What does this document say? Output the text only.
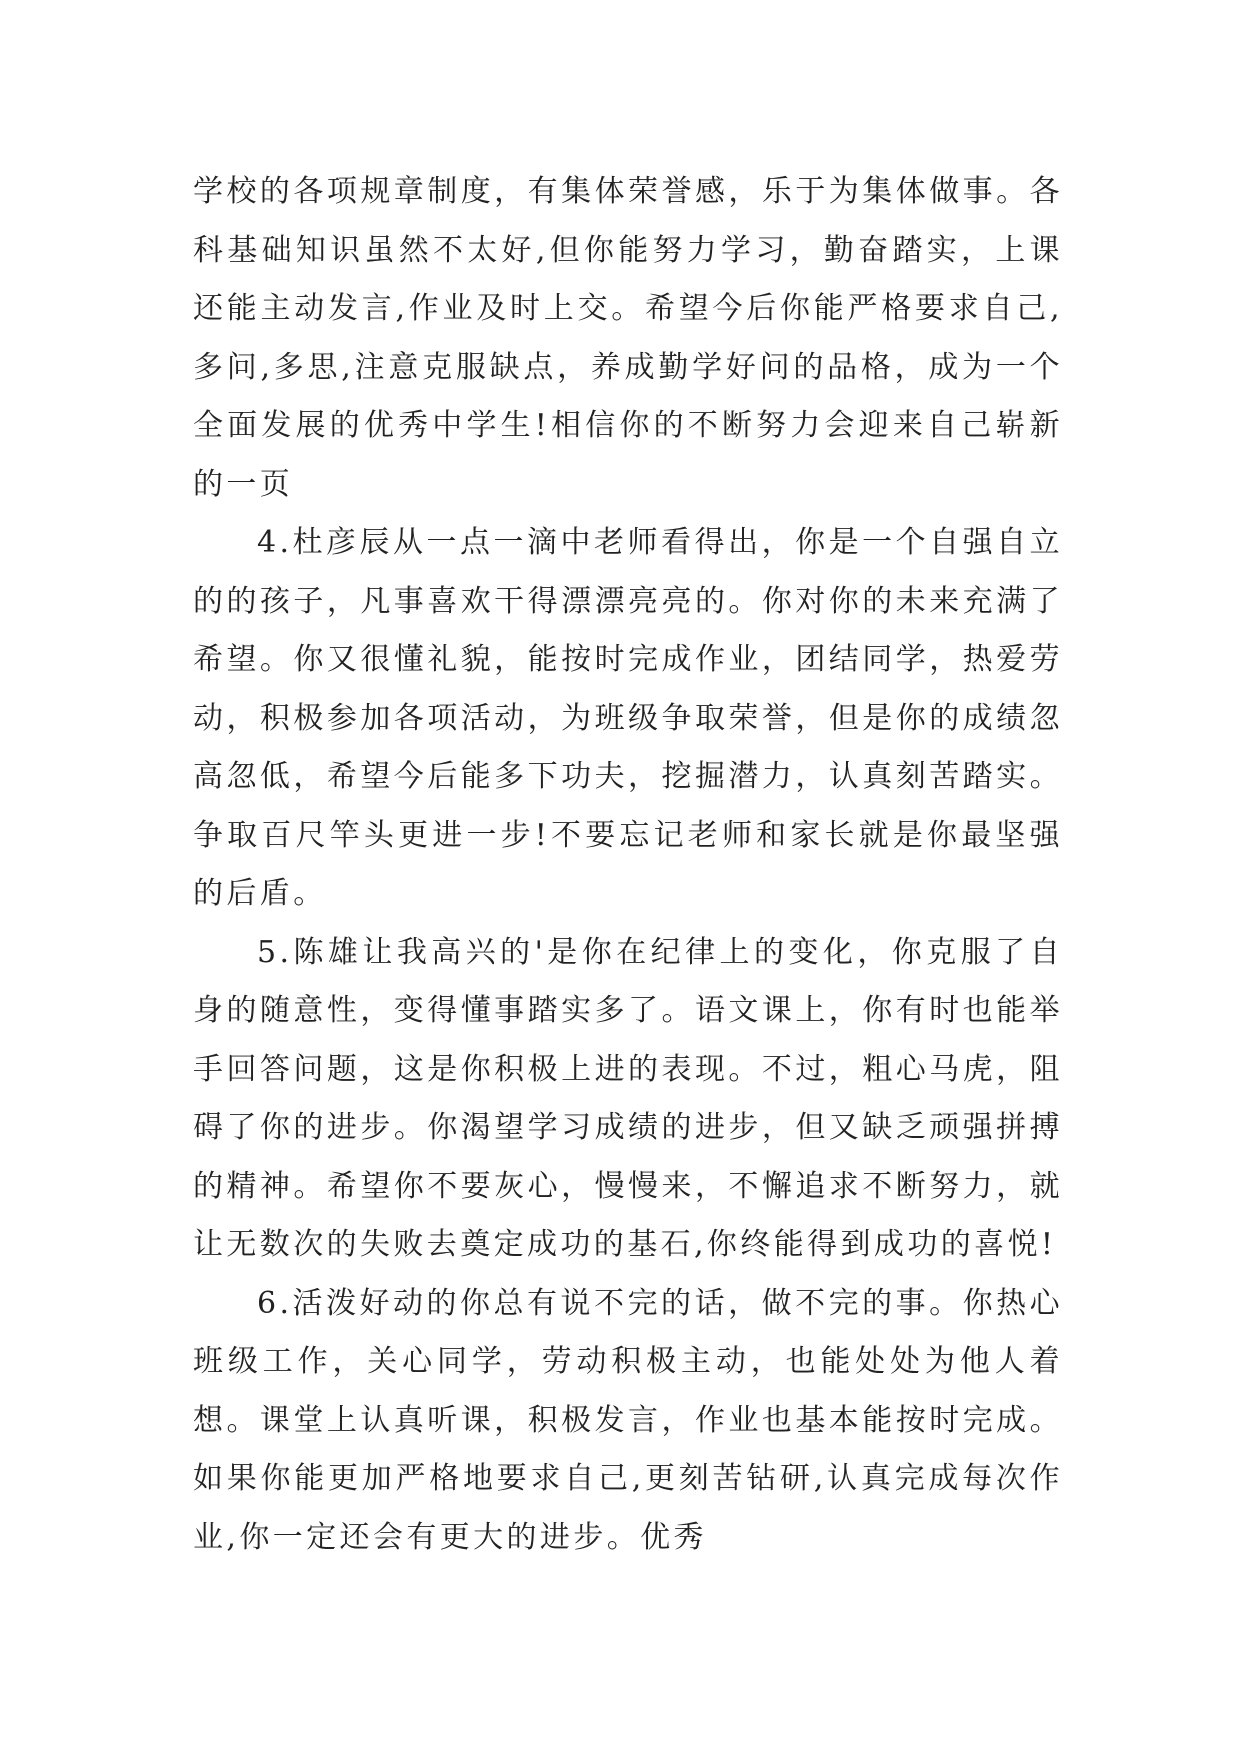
学校的各项规章制度，有集体荣誉感，乐于为集体做事。各科基础知识虽然不太好,但你能努力学习，勤奋踏实，上课还能主动发言,作业及时上交。希望今后你能严格要求自己,多问,多思,注意克服缺点，养成勤学好问的品格，成为一个全面发展的优秀中学生!相信你的不断努力会迎来自己崭新的一页

4.杜彦辰从一点一滴中老师看得出，你是一个自强自立的的孩子，凡事喜欢干得漂漂亮亮的。你对你的未来充满了希望。你又很懂礼貌，能按时完成作业，团结同学，热爱劳动，积极参加各项活动，为班级争取荣誉，但是你的成绩忽高忽低，希望今后能多下功夫，挖掘潜力，认真刻苦踏实。争取百尺竿头更进一步!不要忘记老师和家长就是你最坚强的后盾。

5.陈雄让我高兴的'是你在纪律上的变化，你克服了自身的随意性，变得懂事踏实多了。语文课上，你有时也能举手回答问题，这是你积极上进的表现。不过，粗心马虎，阻碍了你的进步。你渴望学习成绩的进步，但又缺乏顽强拼搏的精神。希望你不要灰心，慢慢来，不懈追求不断努力，就让无数次的失败去奠定成功的基石,你终能得到成功的喜悦!

6.活泼好动的你总有说不完的话，做不完的事。你热心班级工作，关心同学，劳动积极主动，也能处处为他人着想。课堂上认真听课，积极发言，作业也基本能按时完成。如果你能更加严格地要求自己,更刻苦钻研,认真完成每次作业,你一定还会有更大的进步。优秀
